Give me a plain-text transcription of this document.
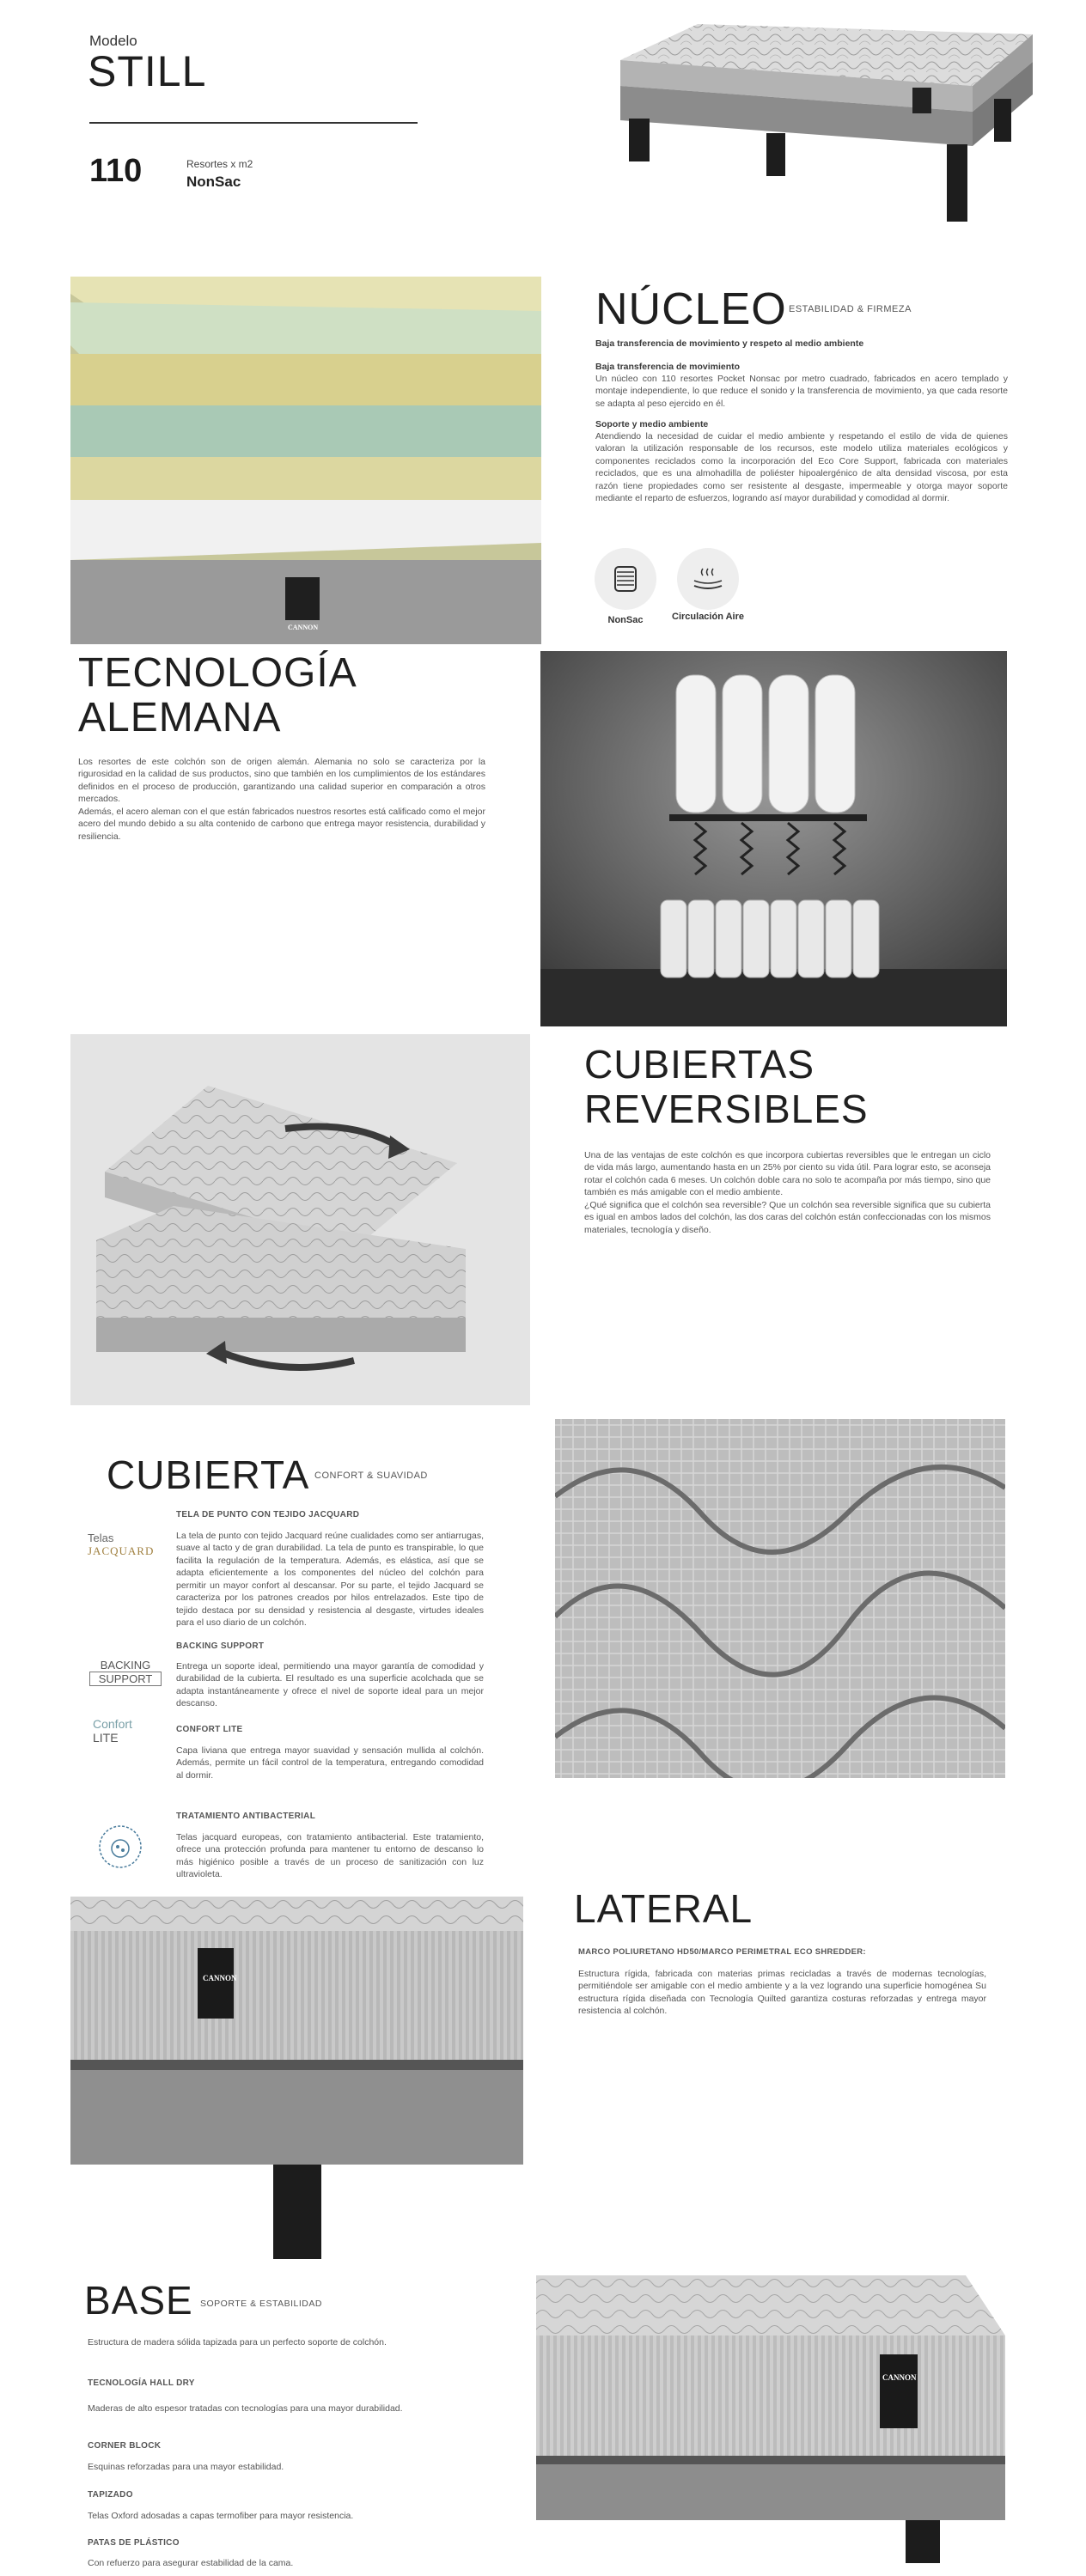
Modelo
STILL
110	Resortes x m2
NonSac
NÚCLEO ESTABILIDAD & FIRMEZA
Baja transferencia de movimiento y respeto al medio ambiente
Baja transferencia de movimiento
Un núcleo con 110 resortes Pocket Nonsac por metro cuadrado, fabricados en acero templado y montaje independiente, lo que reduce el sonido y la transferencia de movimiento, ya que cada resorte se adapta al peso ejercido en él.
Soporte y medio ambiente
Atendiendo la necesidad de cuidar el medio ambiente y respetando el estilo de vida de quienes valoran la utilización responsable de los recursos, este modelo utiliza materiales ecológicos y componentes reciclados como la incorporación del Eco Core Support, fabricada con materiales reciclados, que es una almohadilla de poliéster hipoalergénico de alta densidad viscosa, por esta razón tiene propiedades como ser resistente al desgaste, impermeable y otorga mayor soporte mediante el reparto de esfuerzos, logrando así mayor durabilidad y comodidad al dormir.
NonSac	Circulación Aire
TECNOLOGÍA
ALEMANA
Los resortes de este colchón son de origen alemán. Alemania no solo se caracteriza por la rigurosidad en la calidad de sus productos, sino que también en los cumplimientos de los estándares definidos en el proceso de producción, garantizando una calidad superior en comparación a otros mercados.
Además, el acero aleman con el que están fabricados nuestros resortes está calificado como el mejor acero del mundo debido a su alta contenido de carbono que entrega mayor resistencia, durabilidad y resiliencia.
CUBIERTAS
REVERSIBLES
Una de las ventajas de este colchón es que incorpora cubiertas reversibles que le entregan un ciclo de vida más largo, aumentando hasta en un 25% por ciento su vida útil. Para lograr esto, se aconseja rotar el colchón cada 6 meses. Un colchón doble cara no solo te acompaña por más tiempo, sino que también es más amigable con el medio ambiente.
¿Qué significa que el colchón sea reversible? Que un colchón sea reversible significa que su cubierta es igual en ambos lados del colchón, las dos caras del colchón están confeccionadas con los mismos materiales, tecnología y diseño.
CUBIERTA CONFORT & SUAVIDAD
Telas
JACQUARD
TELA DE PUNTO CON TEJIDO JACQUARD
La tela de punto con tejido Jacquard reúne cualidades como ser antiarrugas, suave al tacto y de gran durabilidad. La tela de punto es transpirable, lo que facilita la regulación de la temperatura. Además, es elástica, así que se adapta eficientemente a los componentes del núcleo del colchón para permitir un mayor confort al descansar. Por su parte, el tejido Jacquard se caracteriza por los patrones creados por hilos entrelazados. Este tipo de tejido destaca por su densidad y resistencia al desgaste, virtudes ideales para el uso diario de un colchón.
BACKING
SUPPORT
BACKING SUPPORT
Entrega un soporte ideal, permitiendo una mayor garantía de comodidad y durabilidad de la cubierta. El resultado es una superficie acolchada que se adapta instantáneamente y ofrece el nivel de soporte ideal para un mejor descanso.
Confort
LITE
CONFORT LITE
Capa liviana que entrega mayor suavidad y sensación mullida al colchón. Además, permite un fácil control de la temperatura, entregando comodidad al dormir.
TRATAMIENTO ANTIBACTERIAL
Telas jacquard europeas, con tratamiento antibacterial. Este tratamiento, ofrece una protección profunda para mantener tu entorno de descanso lo más higiénico posible a través de un proceso de sanitización con luz ultravioleta.
LATERAL
MARCO POLIURETANO HD50/MARCO PERIMETRAL ECO SHREDDER:
Estructura rígida, fabricada con materias primas recicladas a través de modernas tecnologías, permitiéndole ser amigable con el medio ambiente y a la vez logrando una superficie homogénea Su estructura rígida diseñada con Tecnología Quilted garantiza costuras reforzadas y entrega mayor resistencia al colchón.
BASE SOPORTE & ESTABILIDAD
Estructura de madera sólida tapizada para un perfecto soporte de colchón.
TECNOLOGÍA HALL DRY
Maderas de alto espesor tratadas con tecnologías para una mayor durabilidad.
CORNER BLOCK
Esquinas reforzadas para una mayor estabilidad.
TAPIZADO
Telas Oxford adosadas a capas termofiber para mayor resistencia.
PATAS DE PLÁSTICO
Con refuerzo para asegurar estabilidad de la cama.
CANNON
CANNON
CANNON
